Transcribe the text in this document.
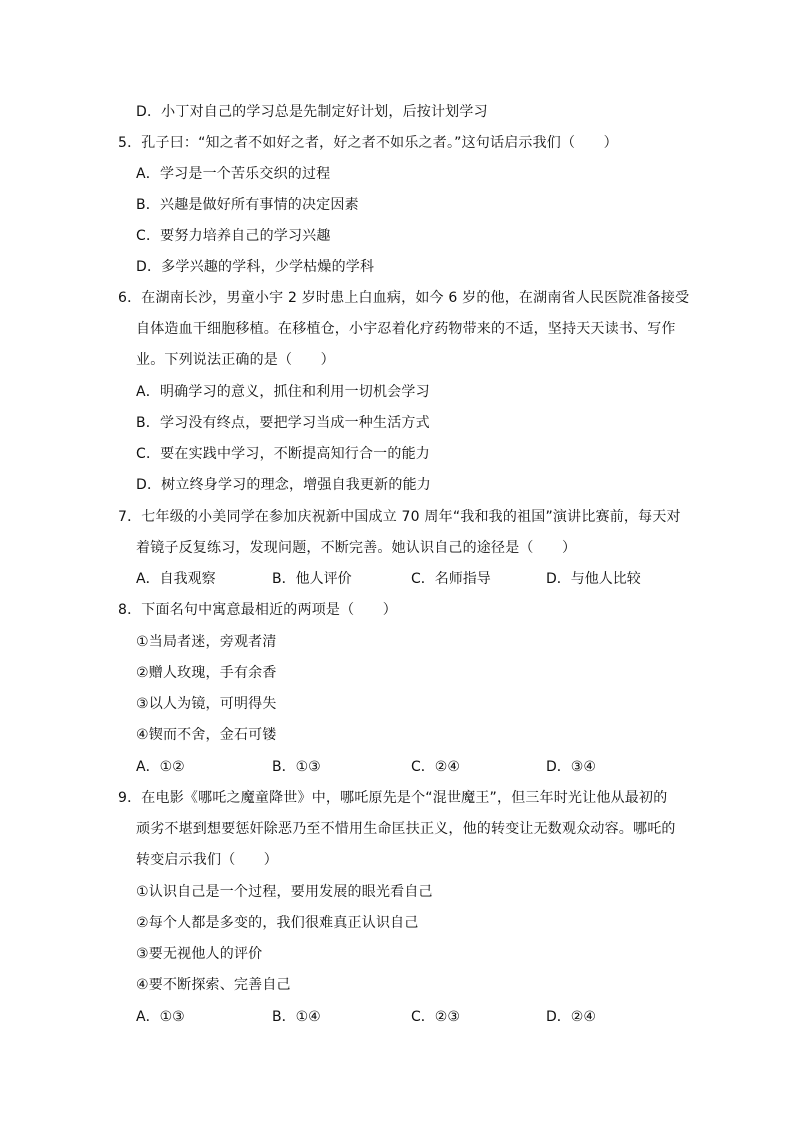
D．小丁对自己的学习总是先制定好计划，后按计划学习
5．孔子曰：“知之者不如好之者，好之者不如乐之者。”这句话启示我们（　　）
A．学习是一个苦乐交织的过程
B．兴趣是做好所有事情的决定因素
C．要努力培养自己的学习兴趣
D．多学兴趣的学科，少学枯燥的学科
6．在湖南长沙，男童小宇 2 岁时患上白血病，如今 6 岁的他，在湖南省人民医院准备接受
自体造血干细胞移植。在移植仓，小宇忍着化疗药物带来的不适，坚持天天读书、写作
业。下列说法正确的是（　　）
A．明确学习的意义，抓住和利用一切机会学习
B．学习没有终点，要把学习当成一种生活方式
C．要在实践中学习，不断提高知行合一的能力
D．树立终身学习的理念，增强自我更新的能力
7．七年级的小美同学在参加庆祝新中国成立 70 周年“我和我的祖国”演讲比赛前，每天对
着镜子反复练习，发现问题，不断完善。她认识自己的途径是（　　）
A．自我观察	B．他人评价	C．名师指导	D．与他人比较
8．下面名句中寓意最相近的两项是（　　）
①当局者迷，旁观者清
②赠人玫瑰，手有余香
③以人为镜，可明得失
④锲而不舍，金石可镂
A．①②	B．①③	C．②④	D．③④
9．在电影《哪吒之魔童降世》中，哪吒原先是个“混世魔王”，但三年时光让他从最初的
顽劣不堪到想要惩奸除恶乃至不惜用生命匡扶正义，他的转变让无数观众动容。哪吒的
转变启示我们（　　）
①认识自己是一个过程，要用发展的眼光看自己
②每个人都是多变的，我们很难真正认识自己
③要无视他人的评价
④要不断探索、完善自己
A．①③	B．①④	C．②③	D．②④
